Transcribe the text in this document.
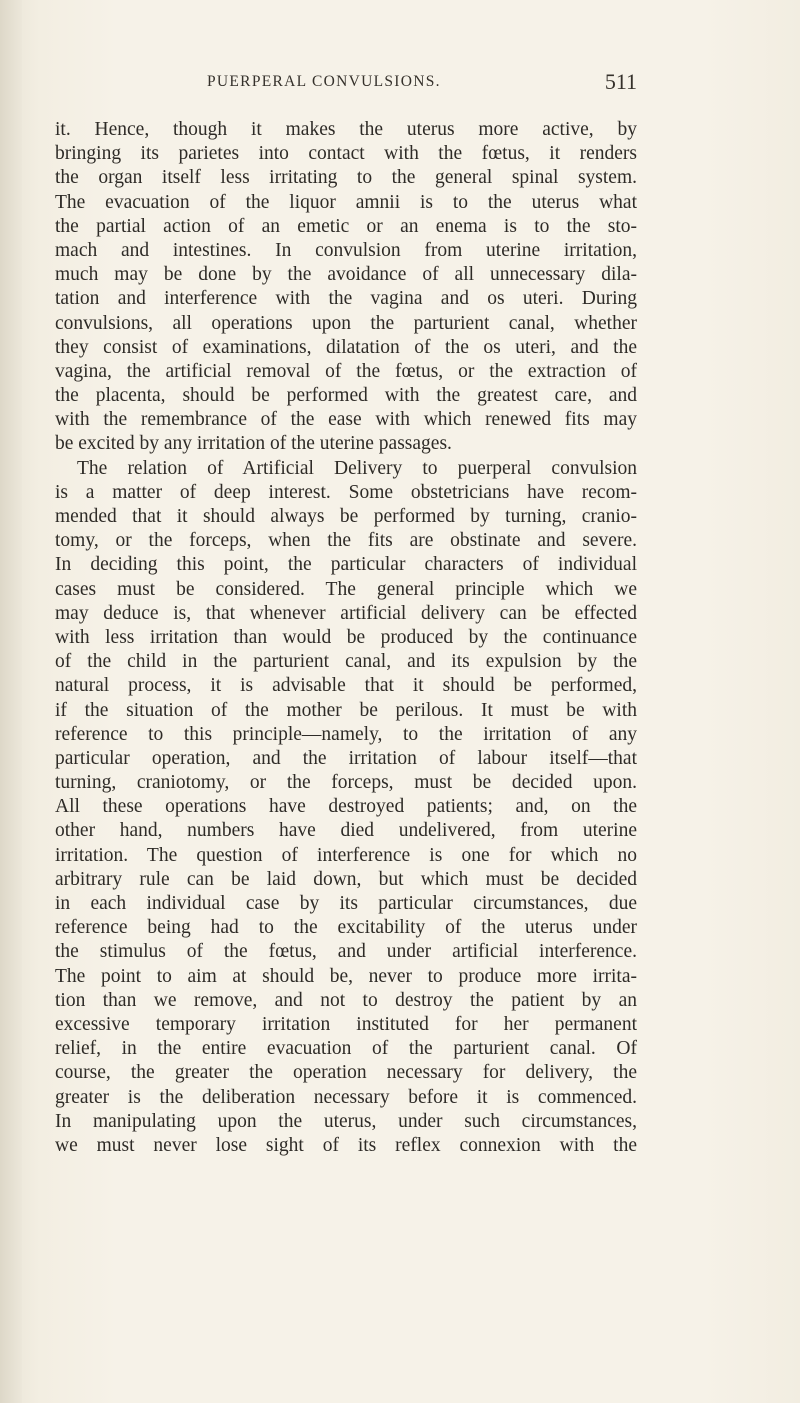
PUERPERAL CONVULSIONS.	511
it. Hence, though it makes the uterus more active, by
bringing its parietes into contact with the fœtus, it renders
the organ itself less irritating to the general spinal system.
The evacuation of the liquor amnii is to the uterus what
the partial action of an emetic or an enema is to the sto-
mach and intestines. In convulsion from uterine irritation,
much may be done by the avoidance of all unnecessary dila-
tation and interference with the vagina and os uteri. During
convulsions, all operations upon the parturient canal, whether
they consist of examinations, dilatation of the os uteri, and the
vagina, the artificial removal of the fœtus, or the extraction of
the placenta, should be performed with the greatest care, and
with the remembrance of the ease with which renewed fits may
be excited by any irritation of the uterine passages.
The relation of Artificial Delivery to puerperal convulsion
is a matter of deep interest. Some obstetricians have recom-
mended that it should always be performed by turning, cranio-
tomy, or the forceps, when the fits are obstinate and severe.
In deciding this point, the particular characters of individual
cases must be considered. The general principle which we
may deduce is, that whenever artificial delivery can be effected
with less irritation than would be produced by the continuance
of the child in the parturient canal, and its expulsion by the
natural process, it is advisable that it should be performed,
if the situation of the mother be perilous. It must be with
reference to this principle—namely, to the irritation of any
particular operation, and the irritation of labour itself—that
turning, craniotomy, or the forceps, must be decided upon.
All these operations have destroyed patients; and, on the
other hand, numbers have died undelivered, from uterine
irritation. The question of interference is one for which no
arbitrary rule can be laid down, but which must be decided
in each individual case by its particular circumstances, due
reference being had to the excitability of the uterus under
the stimulus of the fœtus, and under artificial interference.
The point to aim at should be, never to produce more irrita-
tion than we remove, and not to destroy the patient by an
excessive temporary irritation instituted for her permanent
relief, in the entire evacuation of the parturient canal. Of
course, the greater the operation necessary for delivery, the
greater is the deliberation necessary before it is commenced.
In manipulating upon the uterus, under such circumstances,
we must never lose sight of its reflex connexion with the
